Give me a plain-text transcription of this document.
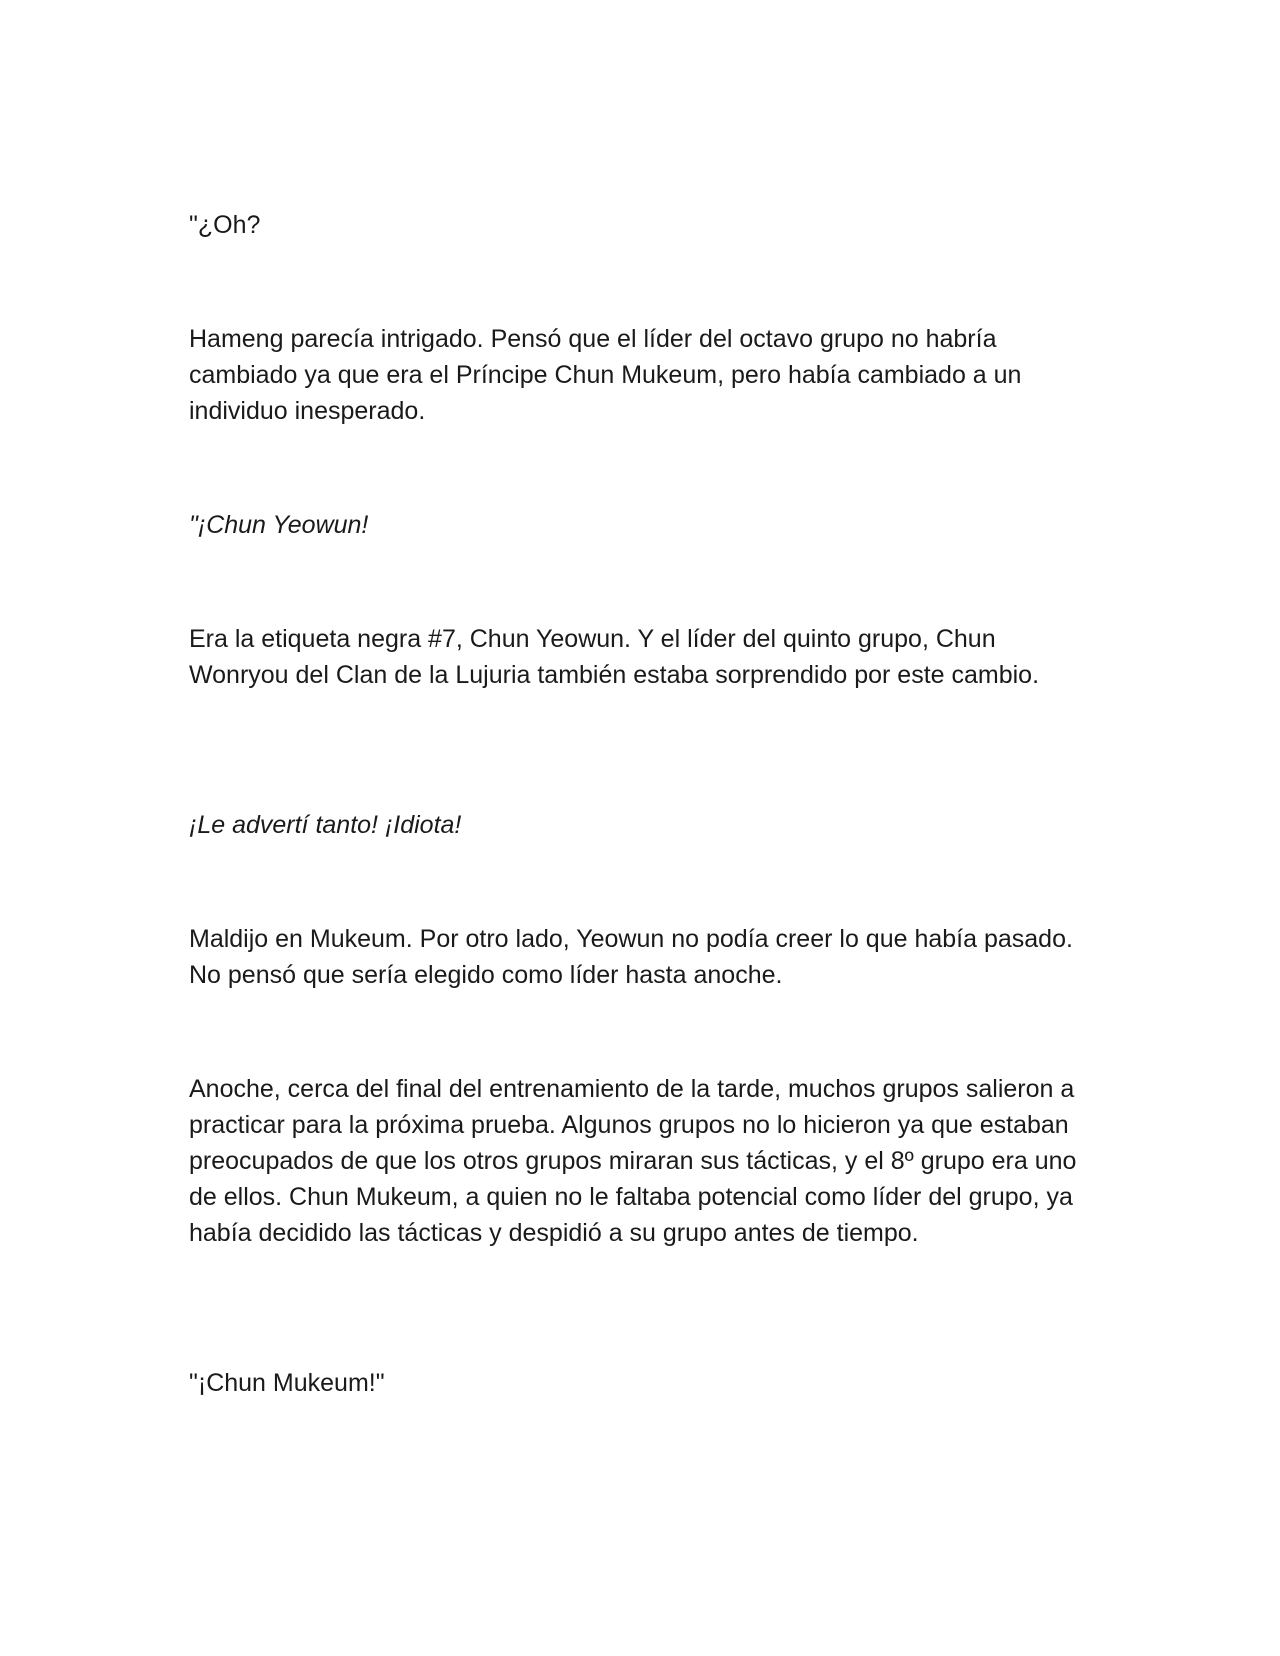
"¿Oh?

Hameng parecía intrigado. Pensó que el líder del octavo grupo no habría cambiado ya que era el Príncipe Chun Mukeum, pero había cambiado a un individuo inesperado.

"¡Chun Yeowun!

Era la etiqueta negra #7, Chun Yeowun. Y el líder del quinto grupo, Chun Wonryou del Clan de la Lujuria también estaba sorprendido por este cambio.

¡Le advertí tanto! ¡Idiota!

Maldijo en Mukeum. Por otro lado, Yeowun no podía creer lo que había pasado. No pensó que sería elegido como líder hasta anoche.

Anoche, cerca del final del entrenamiento de la tarde, muchos grupos salieron a practicar para la próxima prueba. Algunos grupos no lo hicieron ya que estaban preocupados de que los otros grupos miraran sus tácticas, y el 8º grupo era uno de ellos. Chun Mukeum, a quien no le faltaba potencial como líder del grupo, ya había decidido las tácticas y despidió a su grupo antes de tiempo.

"¡Chun Mukeum!"
